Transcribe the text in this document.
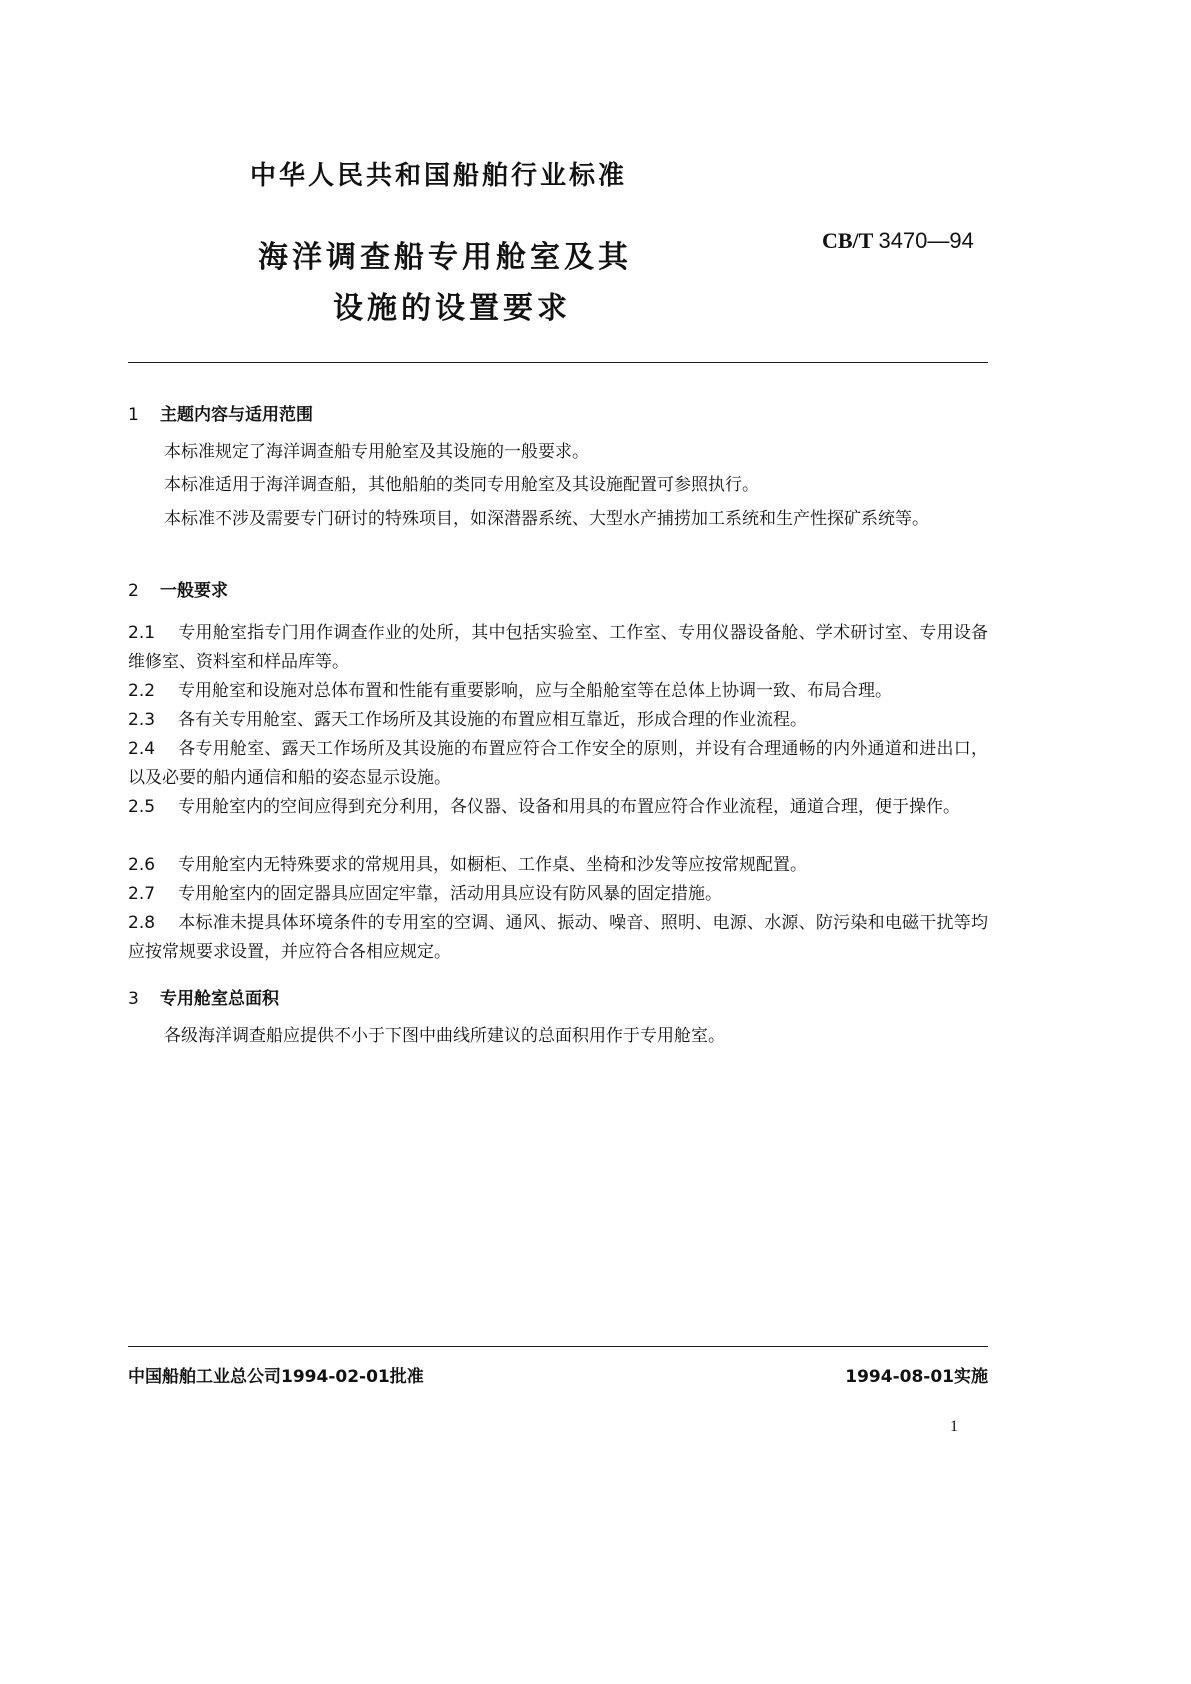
中华人民共和国船舶行业标准
海洋调查船专用舱室及其
设施的设置要求
CB/T 3470—94
1 主题内容与适用范围
本标准规定了海洋调查船专用舱室及其设施的一般要求。
本标准适用于海洋调查船，其他船舶的类同专用舱室及其设施配置可参照执行。
本标准不涉及需要专门研讨的特殊项目，如深潜器系统、大型水产捕捞加工系统和生产性探矿系统等。
2 一般要求
2.1 专用舱室指专门用作调查作业的处所，其中包括实验室、工作室、专用仪器设备舱、学术研讨室、专用设备维修室、资料室和样品库等。
2.2 专用舱室和设施对总体布置和性能有重要影响，应与全船舱室等在总体上协调一致、布局合理。
2.3 各有关专用舱室、露天工作场所及其设施的布置应相互靠近，形成合理的作业流程。
2.4 各专用舱室、露天工作场所及其设施的布置应符合工作安全的原则，并设有合理通畅的内外通道和进出口，以及必要的船内通信和船的姿态显示设施。
2.5 专用舱室内的空间应得到充分利用，各仪器、设备和用具的布置应符合作业流程，通道合理，便于操作。
2.6 专用舱室内无特殊要求的常规用具，如橱柜、工作桌、坐椅和沙发等应按常规配置。
2.7 专用舱室内的固定器具应固定牢靠，活动用具应设有防风暴的固定措施。
2.8 本标准未提具体环境条件的专用室的空调、通风、振动、噪音、照明、电源、水源、防污染和电磁干扰等均应按常规要求设置，并应符合各相应规定。
3 专用舱室总面积
各级海洋调查船应提供不小于下图中曲线所建议的总面积用作于专用舱室。
中国船舶工业总公司1994-02-01批准	1994-08-01实施
1
